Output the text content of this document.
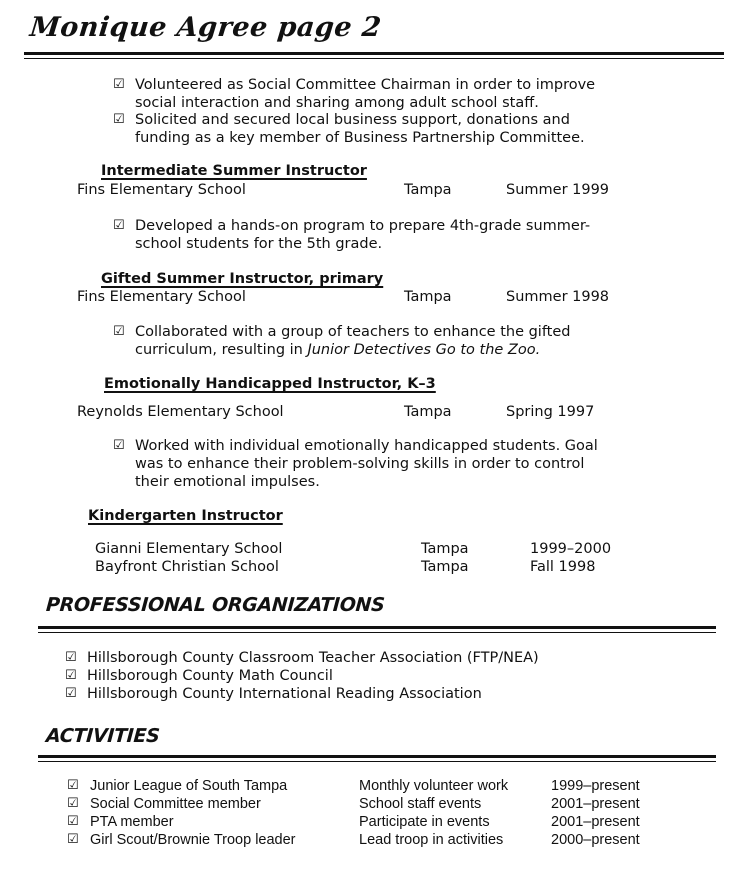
Monique Agree page 2
☑ Volunteered as Social Committee Chairman in order to improve
social interaction and sharing among adult school staff.
☑ Solicited and secured local business support, donations and
funding as a key member of Business Partnership Committee.
Intermediate Summer Instructor
Fins Elementary School	Tampa	Summer 1999
☑ Developed a hands-on program to prepare 4th-grade summer-
school students for the 5th grade.
Gifted Summer Instructor, primary
Fins Elementary School	Tampa	Summer 1998
☑ Collaborated with a group of teachers to enhance the gifted
curriculum, resulting in Junior Detectives Go to the Zoo.
Emotionally Handicapped Instructor, K–3
Reynolds Elementary School	Tampa	Spring 1997
☑ Worked with individual emotionally handicapped students. Goal
was to enhance their problem-solving skills in order to control
their emotional impulses.
Kindergarten Instructor
Gianni Elementary School	Tampa	1999–2000
Bayfront Christian School	Tampa	Fall 1998
PROFESSIONAL ORGANIZATIONS
☑ Hillsborough County Classroom Teacher Association (FTP/NEA)
☑ Hillsborough County Math Council
☑ Hillsborough County International Reading Association
ACTIVITIES
☑ Junior League of South Tampa	Monthly volunteer work	1999–present
☑ Social Committee member	School staff events	2001–present
☑ PTA member	Participate in events	2001–present
☑ Girl Scout/Brownie Troop leader	Lead troop in activities	2000–present
